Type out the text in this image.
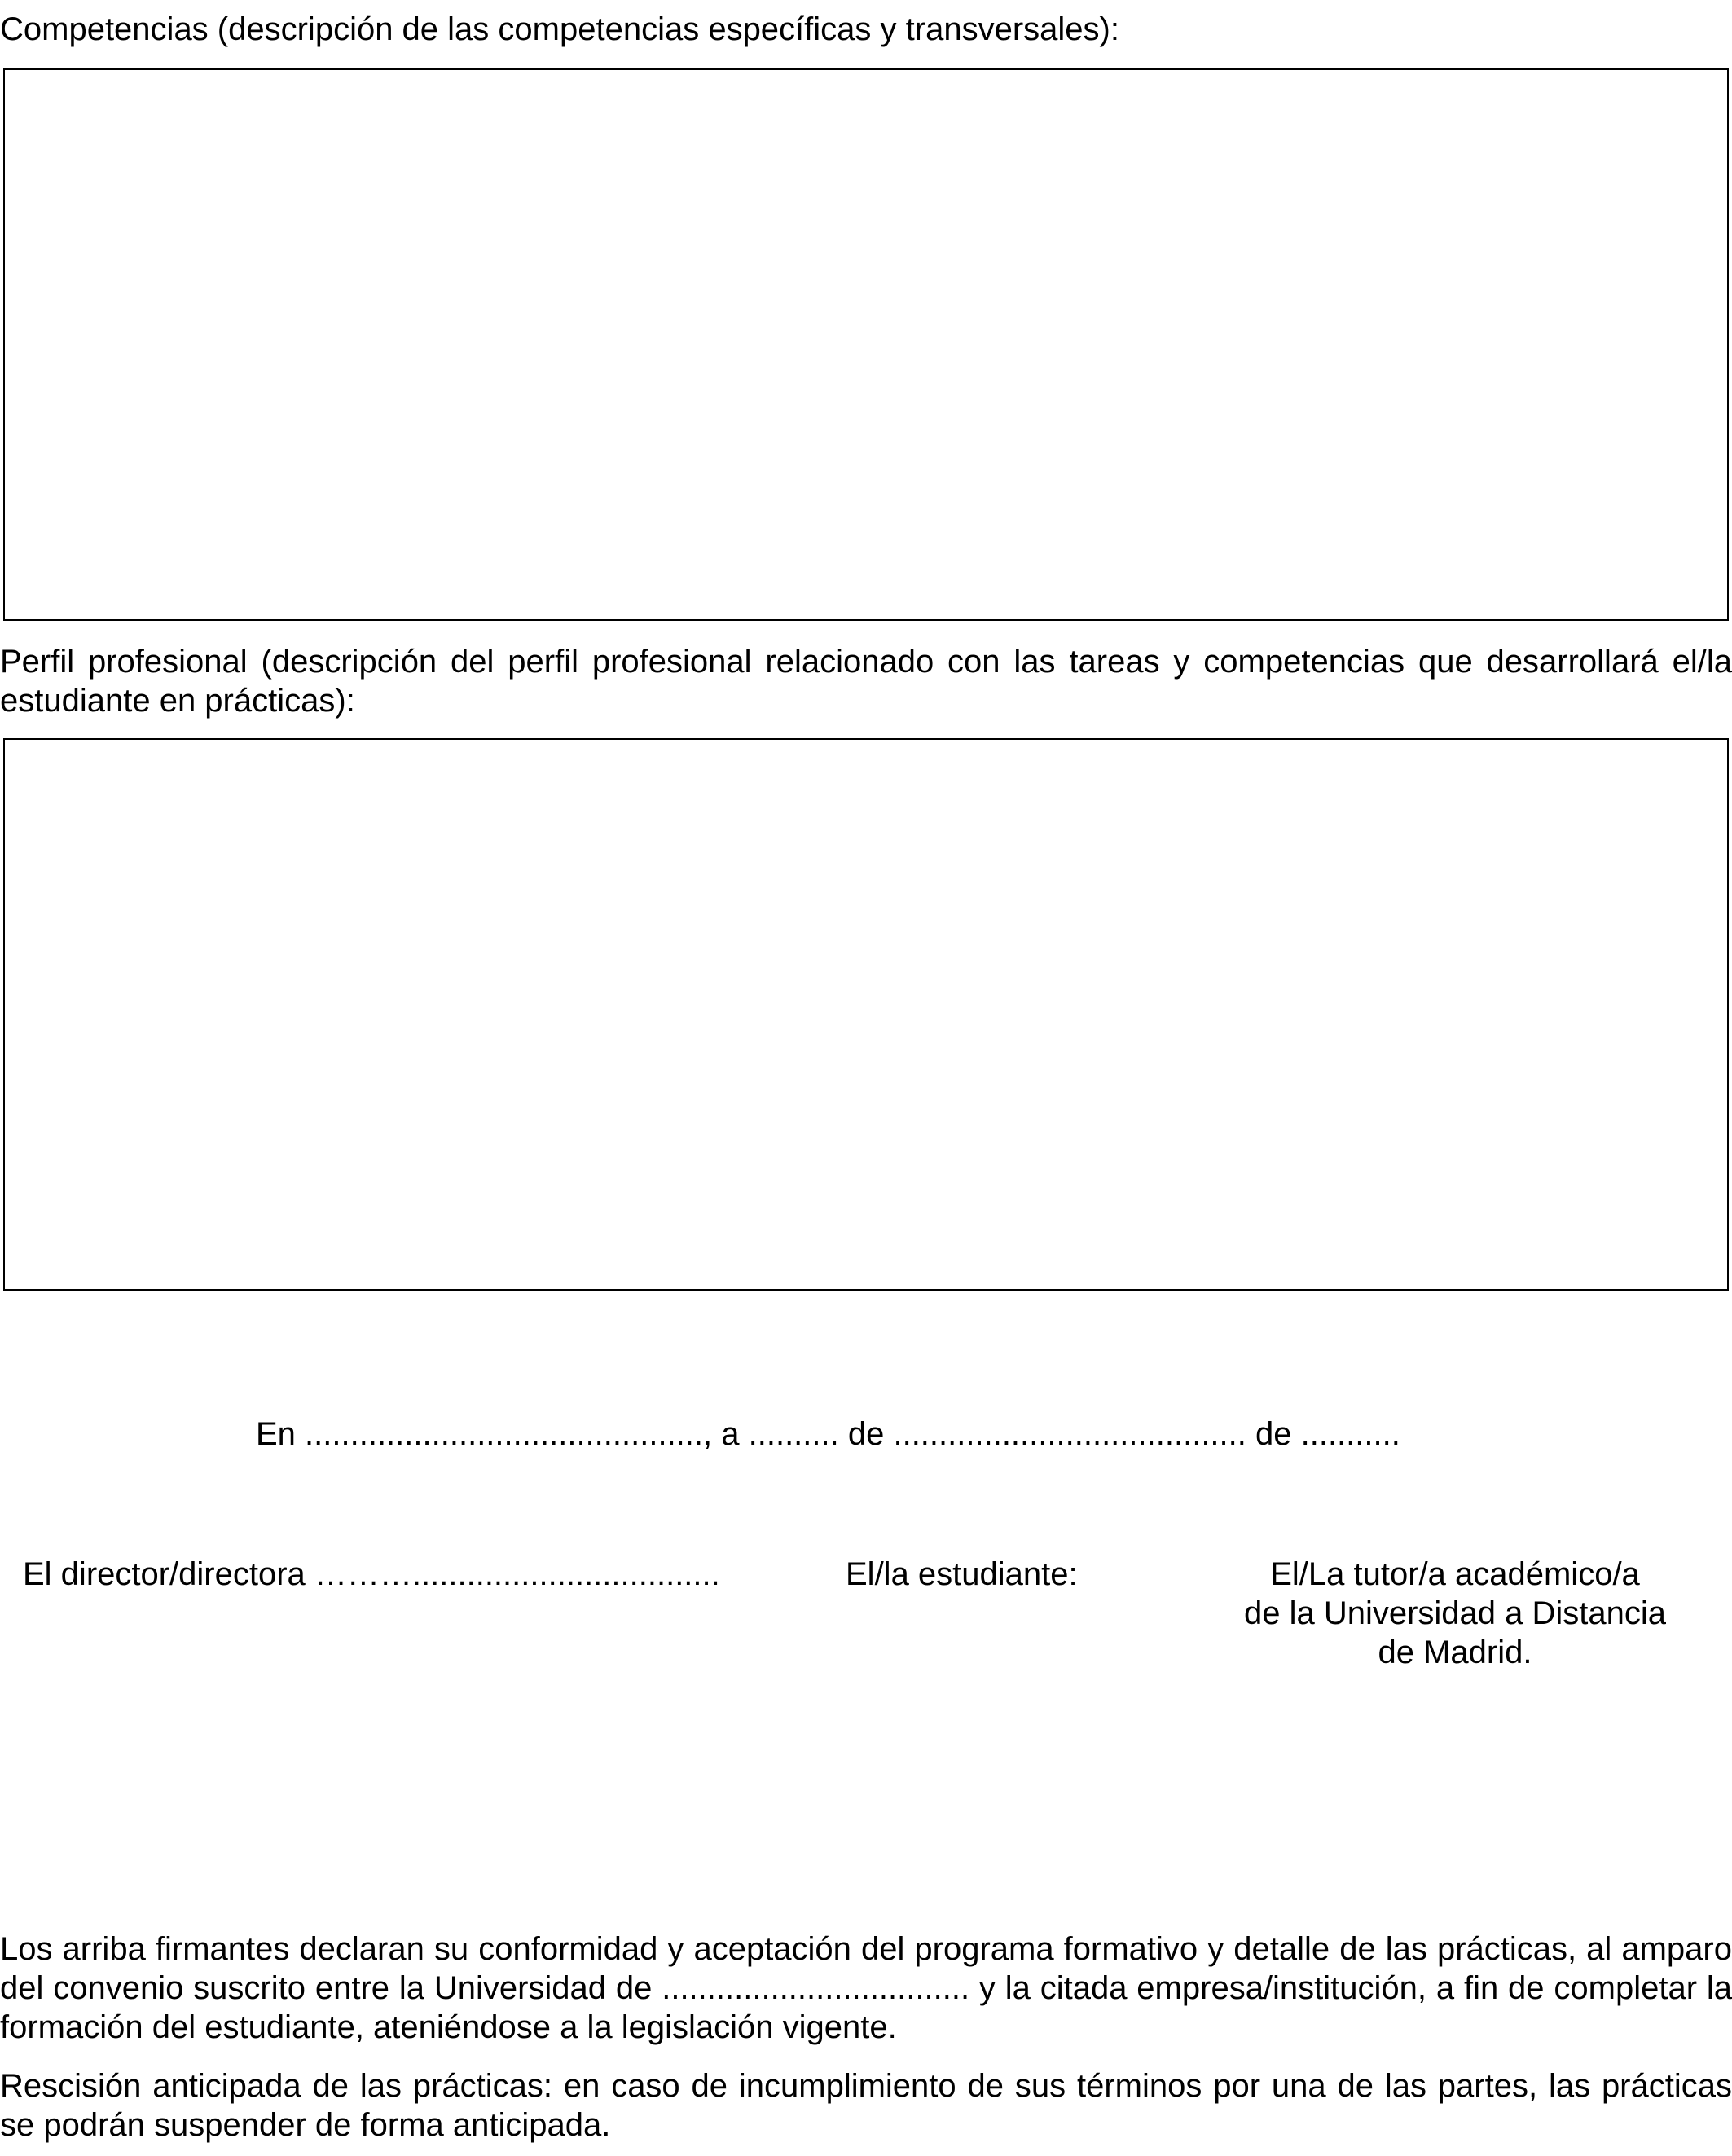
Competencias (descripción de las competencias específicas y transversales):
Perfil profesional (descripción del perfil profesional relacionado con las tareas y competencias que desarrollará el/la estudiante en prácticas):
En ............................................, a .......... de ....................................... de ...........
El director/directora ………..................................	El/la estudiante:	El/La tutor/a académico/a
de la Universidad a Distancia
de Madrid.
Los arriba firmantes declaran su conformidad y aceptación del programa formativo y detalle de las prácticas, al amparo del convenio suscrito entre la Universidad de .................................. y la citada empresa/institución, a fin de completar la formación del estudiante, ateniéndose a la legislación vigente.
Rescisión anticipada de las prácticas: en caso de incumplimiento de sus términos por una de las partes, las prácticas se podrán suspender de forma anticipada.
